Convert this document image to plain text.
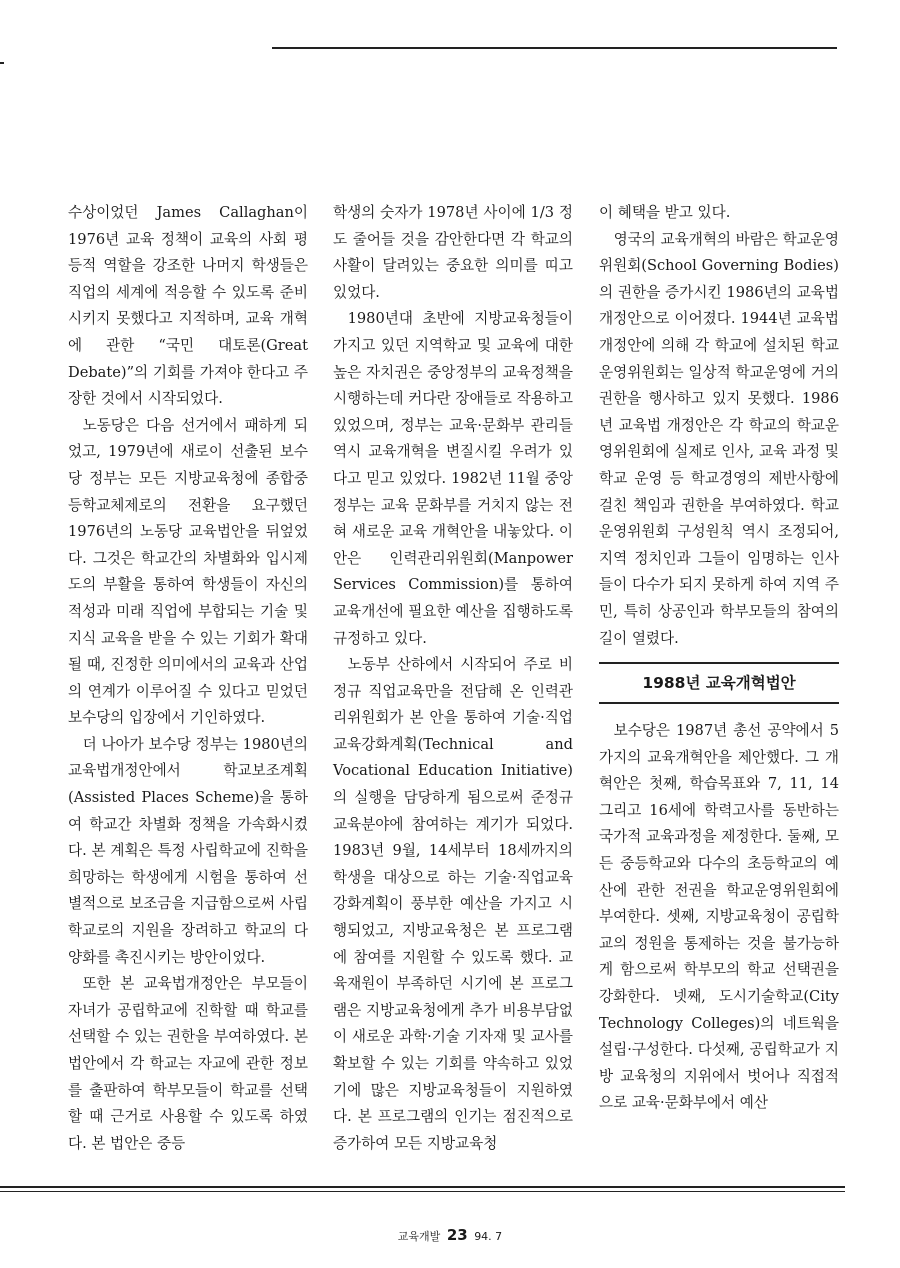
수상이었던 James Callaghan이 1976년 교육 정책이 교육의 사회 평등적 역할을 강조한 나머지 학생들은 직업의 세계에 적응할 수 있도록 준비시키지 못했다고 지적하며, 교육 개혁에 관한 “국민 대토론(Great Debate)”의 기회를 가져야 한다고 주장한 것에서 시작되었다.

노동당은 다음 선거에서 패하게 되었고, 1979년에 새로이 선출된 보수당 정부는 모든 지방교육청에 종합중등학교체제로의 전환을 요구했던 1976년의 노동당 교육법안을 뒤엎었다. 그것은 학교간의 차별화와 입시제도의 부활을 통하여 학생들이 자신의 적성과 미래 직업에 부합되는 기술 및 지식 교육을 받을 수 있는 기회가 확대될 때, 진정한 의미에서의 교육과 산업의 연계가 이루어질 수 있다고 믿었던 보수당의 입장에서 기인하였다.

더 나아가 보수당 정부는 1980년의 교육법개정안에서 학교보조계획(Assisted Places Scheme)을 통하여 학교간 차별화 정책을 가속화시켰다. 본 계획은 특정 사립학교에 진학을 희망하는 학생에게 시험을 통하여 선별적으로 보조금을 지급함으로써 사립학교로의 지원을 장려하고 학교의 다양화를 촉진시키는 방안이었다.

또한 본 교육법개정안은 부모들이 자녀가 공립학교에 진학할 때 학교를 선택할 수 있는 권한을 부여하였다. 본 법안에서 각 학교는 자교에 관한 정보를 출판하여 학부모들이 학교를 선택할 때 근거로 사용할 수 있도록 하였다. 본 법안은 중등

학생의 숫자가 1978년 사이에 1/3 정도 줄어들 것을 감안한다면 각 학교의 사활이 달려있는 중요한 의미를 띠고 있었다.

1980년대 초반에 지방교육청들이 가지고 있던 지역학교 및 교육에 대한 높은 자치권은 중앙정부의 교육정책을 시행하는데 커다란 장애들로 작용하고 있었으며, 정부는 교육·문화부 관리들 역시 교육개혁을 변질시킬 우려가 있다고 믿고 있었다. 1982년 11월 중앙정부는 교육 문화부를 거치지 않는 전혀 새로운 교육 개혁안을 내놓았다. 이 안은 인력관리위원회(Manpower Services Commission)를 통하여 교육개선에 필요한 예산을 집행하도록 규정하고 있다.

노동부 산하에서 시작되어 주로 비정규 직업교육만을 전담해 온 인력관리위원회가 본 안을 통하여 기술·직업교육강화계획(Technical and Vocational Education Initiative)의 실행을 담당하게 됨으로써 준정규교육분야에 참여하는 계기가 되었다. 1983년 9월, 14세부터 18세까지의 학생을 대상으로 하는 기술·직업교육 강화계획이 풍부한 예산을 가지고 시행되었고, 지방교육청은 본 프로그램에 참여를 지원할 수 있도록 했다. 교육재원이 부족하던 시기에 본 프로그램은 지방교육청에게 추가 비용부담없이 새로운 과학·기술 기자재 및 교사를 확보할 수 있는 기회를 약속하고 있었기에 많은 지방교육청들이 지원하였다. 본 프로그램의 인기는 점진적으로 증가하여 모든 지방교육청

이 혜택을 받고 있다.

영국의 교육개혁의 바람은 학교운영위원회(School Governing Bodies)의 권한을 증가시킨 1986년의 교육법개정안으로 이어졌다. 1944년 교육법 개정안에 의해 각 학교에 설치된 학교운영위원회는 일상적 학교운영에 거의 권한을 행사하고 있지 못했다. 1986년 교육법 개정안은 각 학교의 학교운영위원회에 실제로 인사, 교육 과정 및 학교 운영 등 학교경영의 제반사항에 걸친 책임과 권한을 부여하였다. 학교운영위원회 구성원칙 역시 조정되어, 지역 정치인과 그들이 임명하는 인사들이 다수가 되지 못하게 하여 지역 주민, 특히 상공인과 학부모들의 참여의 길이 열렸다.

1988년 교육개혁법안

보수당은 1987년 총선 공약에서 5가지의 교육개혁안을 제안했다. 그 개혁안은 첫째, 학습목표와 7, 11, 14 그리고 16세에 학력고사를 동반하는 국가적 교육과정을 제정한다. 둘째, 모든 중등학교와 다수의 초등학교의 예산에 관한 전권을 학교운영위원회에 부여한다. 셋째, 지방교육청이 공립학교의 정원을 통제하는 것을 불가능하게 함으로써 학부모의 학교 선택권을 강화한다. 넷째, 도시기술학교(City Technology Colleges)의 네트웍을 설립·구성한다. 다섯째, 공립학교가 지방 교육청의 지위에서 벗어나 직접적으로 교육·문화부에서 예산

교육개발 23 94. 7
